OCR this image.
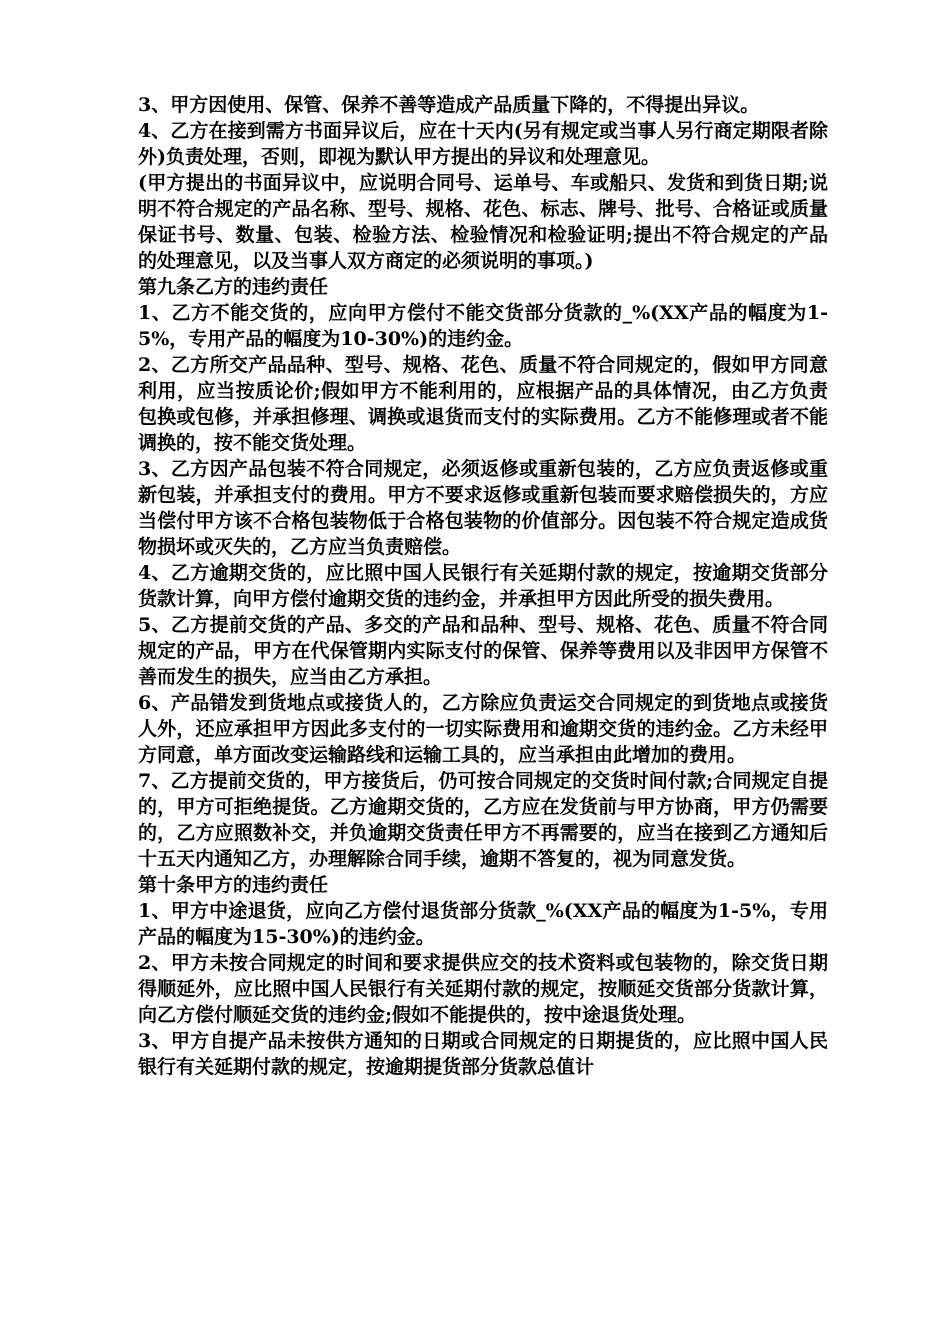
3、甲方因使用、保管、保养不善等造成产品质量下降的，不得提出异议。

4、乙方在接到需方书面异议后，应在十天内(另有规定或当事人另行商定期限者除外)负责处理，否则，即视为默认甲方提出的异议和处理意见。

(甲方提出的书面异议中，应说明合同号、运单号、车或船只、发货和到货日期;说明不符合规定的产品名称、型号、规格、花色、标志、牌号、批号、合格证或质量保证书号、数量、包装、检验方法、检验情况和检验证明;提出不符合规定的产品的处理意见，以及当事人双方商定的必须说明的事项。)

第九条乙方的违约责任

1、乙方不能交货的，应向甲方偿付不能交货部分货款的_%(XX产品的幅度为1-5%，专用产品的幅度为10-30%)的违约金。

2、乙方所交产品品种、型号、规格、花色、质量不符合同规定的，假如甲方同意利用，应当按质论价;假如甲方不能利用的，应根据产品的具体情况，由乙方负责包换或包修，并承担修理、调换或退货而支付的实际费用。乙方不能修理或者不能调换的，按不能交货处理。

3、乙方因产品包装不符合同规定，必须返修或重新包装的，乙方应负责返修或重新包装，并承担支付的费用。甲方不要求返修或重新包装而要求赔偿损失的，方应当偿付甲方该不合格包装物低于合格包装物的价值部分。因包装不符合规定造成货物损坏或灭失的，乙方应当负责赔偿。

4、乙方逾期交货的，应比照中国人民银行有关延期付款的规定，按逾期交货部分货款计算，向甲方偿付逾期交货的违约金，并承担甲方因此所受的损失费用。

5、乙方提前交货的产品、多交的产品和品种、型号、规格、花色、质量不符合同规定的产品，甲方在代保管期内实际支付的保管、保养等费用以及非因甲方保管不善而发生的损失，应当由乙方承担。

6、产品错发到货地点或接货人的，乙方除应负责运交合同规定的到货地点或接货人外，还应承担甲方因此多支付的一切实际费用和逾期交货的违约金。乙方未经甲方同意，单方面改变运输路线和运输工具的，应当承担由此增加的费用。

7、乙方提前交货的，甲方接货后，仍可按合同规定的交货时间付款;合同规定自提的，甲方可拒绝提货。乙方逾期交货的，乙方应在发货前与甲方协商，甲方仍需要的，乙方应照数补交，并负逾期交货责任甲方不再需要的，应当在接到乙方通知后十五天内通知乙方，办理解除合同手续，逾期不答复的，视为同意发货。

第十条甲方的违约责任

1、甲方中途退货，应向乙方偿付退货部分货款_%(XX产品的幅度为1-5%，专用产品的幅度为15-30%)的违约金。

2、甲方未按合同规定的时间和要求提供应交的技术资料或包装物的，除交货日期得顺延外，应比照中国人民银行有关延期付款的规定，按顺延交货部分货款计算，向乙方偿付顺延交货的违约金;假如不能提供的，按中途退货处理。

3、甲方自提产品未按供方通知的日期或合同规定的日期提货的，应比照中国人民银行有关延期付款的规定，按逾期提货部分货款总值计
